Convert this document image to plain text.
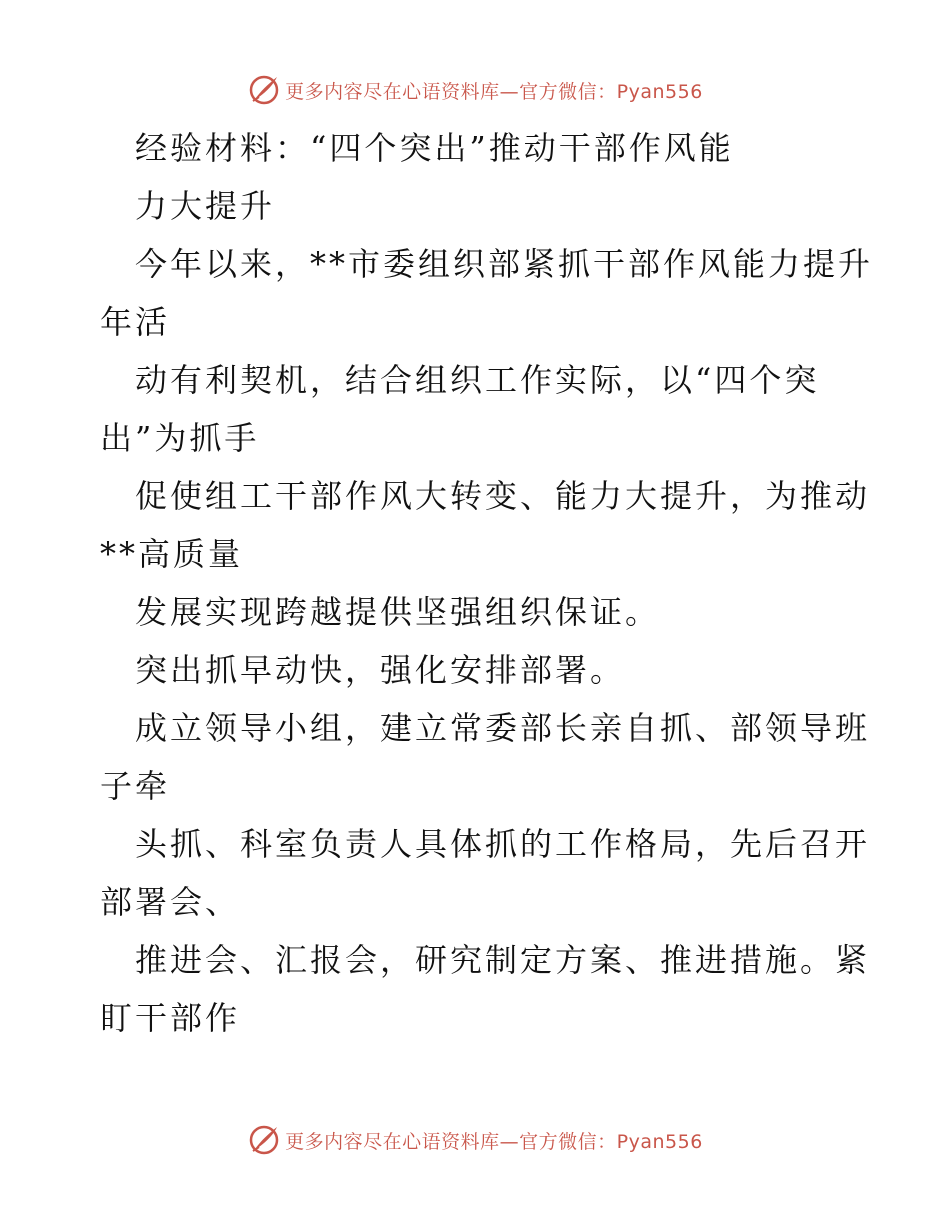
更多内容尽在心语资料库—官方微信：Pyan556
经验材料：“四个突出”推动干部作风能
力大提升
今年以来，**市委组织部紧抓干部作风能力提升
年活
动有利契机，结合组织工作实际，以“四个突
出”为抓手
促使组工干部作风大转变、能力大提升，为推动
**高质量
发展实现跨越提供坚强组织保证。
突出抓早动快，强化安排部署。
成立领导小组，建立常委部长亲自抓、部领导班
子牵
头抓、科室负责人具体抓的工作格局，先后召开
部署会、
推进会、汇报会，研究制定方案、推进措施。紧
盯干部作
更多内容尽在心语资料库—官方微信：Pyan556
